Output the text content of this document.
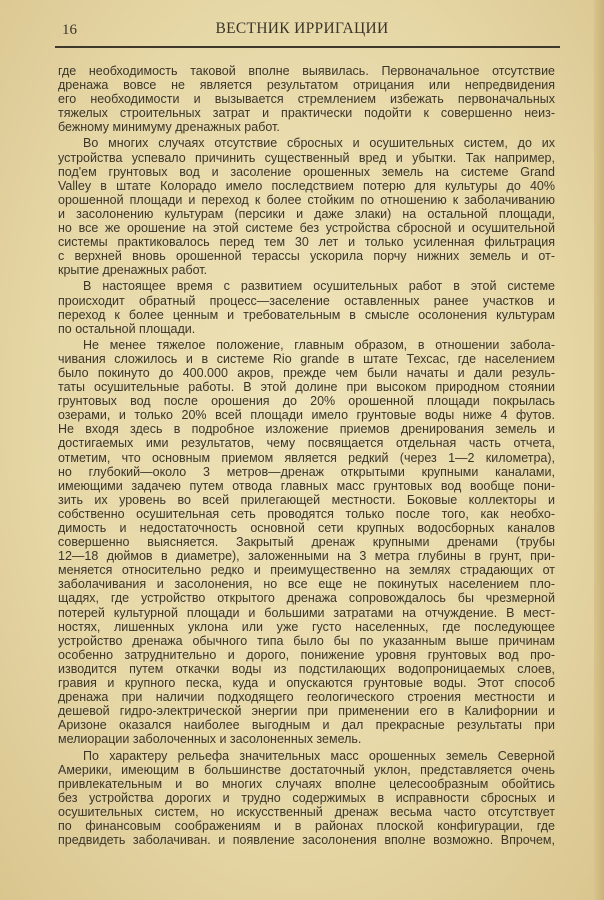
16	ВЕСТНИК ИРРИГАЦИИ
где необходимость таковой вполне выявилась. Первоначальное отсутствие
дренажа вовсе не является результатом отрицания или непредвидения
его необходимости и вызывается стремлением избежать первоначальных
тяжелых строительных затрат и практически подойти к совершенно неиз-
бежному минимуму дренажных работ.
Во многих случаях отсутствие сбросных и осушительных систем, до их
устройства успевало причинить существенный вред и убытки. Так например,
под'ем грунтовых вод и засоление орошенных земель на системе Grand
Valley в штате Колорадо имело последствием потерю для культуры до 40%
орошенной площади и переход к более стойким по отношению к заболачиванию
и засолонению культурам (персики и даже злаки) на остальной площади,
но все же орошение на этой системе без устройства сбросной и осушительной
системы практиковалось перед тем 30 лет и только усиленная фильтрация
с верхней вновь орошенной терассы ускорила порчу нижних земель и от-
крытие дренажных работ.
В настоящее время с развитием осушительных работ в этой системе
происходит обратный процесс—заселение оставленных ранее участков и
переход к более ценным и требовательным в смысле осолонения культурам
по остальной площади.
Не менее тяжелое положение, главным образом, в отношении забола-
чивания сложилось и в системе Rio grande в штате Техсас, где населением
было покинуто до 400.000 акров, прежде чем были начаты и дали резуль-
таты осушительные работы. В этой долине при высоком природном стоянии
грунтовых вод после орошения до 20% орошенной площади покрылась
озерами, и только 20% всей площади имело грунтовые воды ниже 4 футов.
Не входя здесь в подробное изложение приемов дренирования земель и
достигаемых ими результатов, чему посвящается отдельная часть отчета,
отметим, что основным приемом является редкий (через 1—2 километра),
но глубокий—около 3 метров—дренаж открытыми крупными каналами,
имеющими задачею путем отвода главных масс грунтовых вод вообще пони-
зить их уровень во всей прилегающей местности. Боковые коллекторы и
собственно осушительная сеть проводятся только после того, как необхо-
димость и недостаточность основной сети крупных водосборных каналов
совершенно выясняется. Закрытый дренаж крупными дренами (трубы
12—18 дюймов в диаметре), заложенными на 3 метра глубины в грунт, при-
меняется относительно редко и преимущественно на землях страдающих от
заболачивания и засолонения, но все еще не покинутых населением пло-
щадях, где устройство открытого дренажа сопровождалось бы чрезмерной
потерей культурной площади и большими затратами на отчуждение. В мест-
ностях, лишенных уклона или уже густо населенных, где последующее
устройство дренажа обычного типа было бы по указанным выше причинам
особенно затруднительно и дорого, понижение уровня грунтовых вод про-
изводится путем откачки воды из подстилающих водопроницаемых слоев,
гравия и крупного песка, куда и опускаются грунтовые воды. Этот способ
дренажа при наличии подходящего геологического строения местности и
дешевой гидро-электрической энергии при применении его в Калифорнии и
Аризоне оказался наиболее выгодным и дал прекрасные результаты при
мелиорации заболоченных и засолоненных земель.
По характеру рельефа значительных масс орошенных земель Северной
Америки, имеющим в большинстве достаточный уклон, представляется очень
привлекательным и во многих случаях вполне целесообразным обойтись
без устройства дорогих и трудно содержимых в исправности сбросных и
осушительных систем, но искусственный дренаж весьма часто отсутствует
по финансовым соображениям и в районах плоской конфигурации, где
предвидеть заболачиван. и появление засолонения вполне возможно. Впрочем,
